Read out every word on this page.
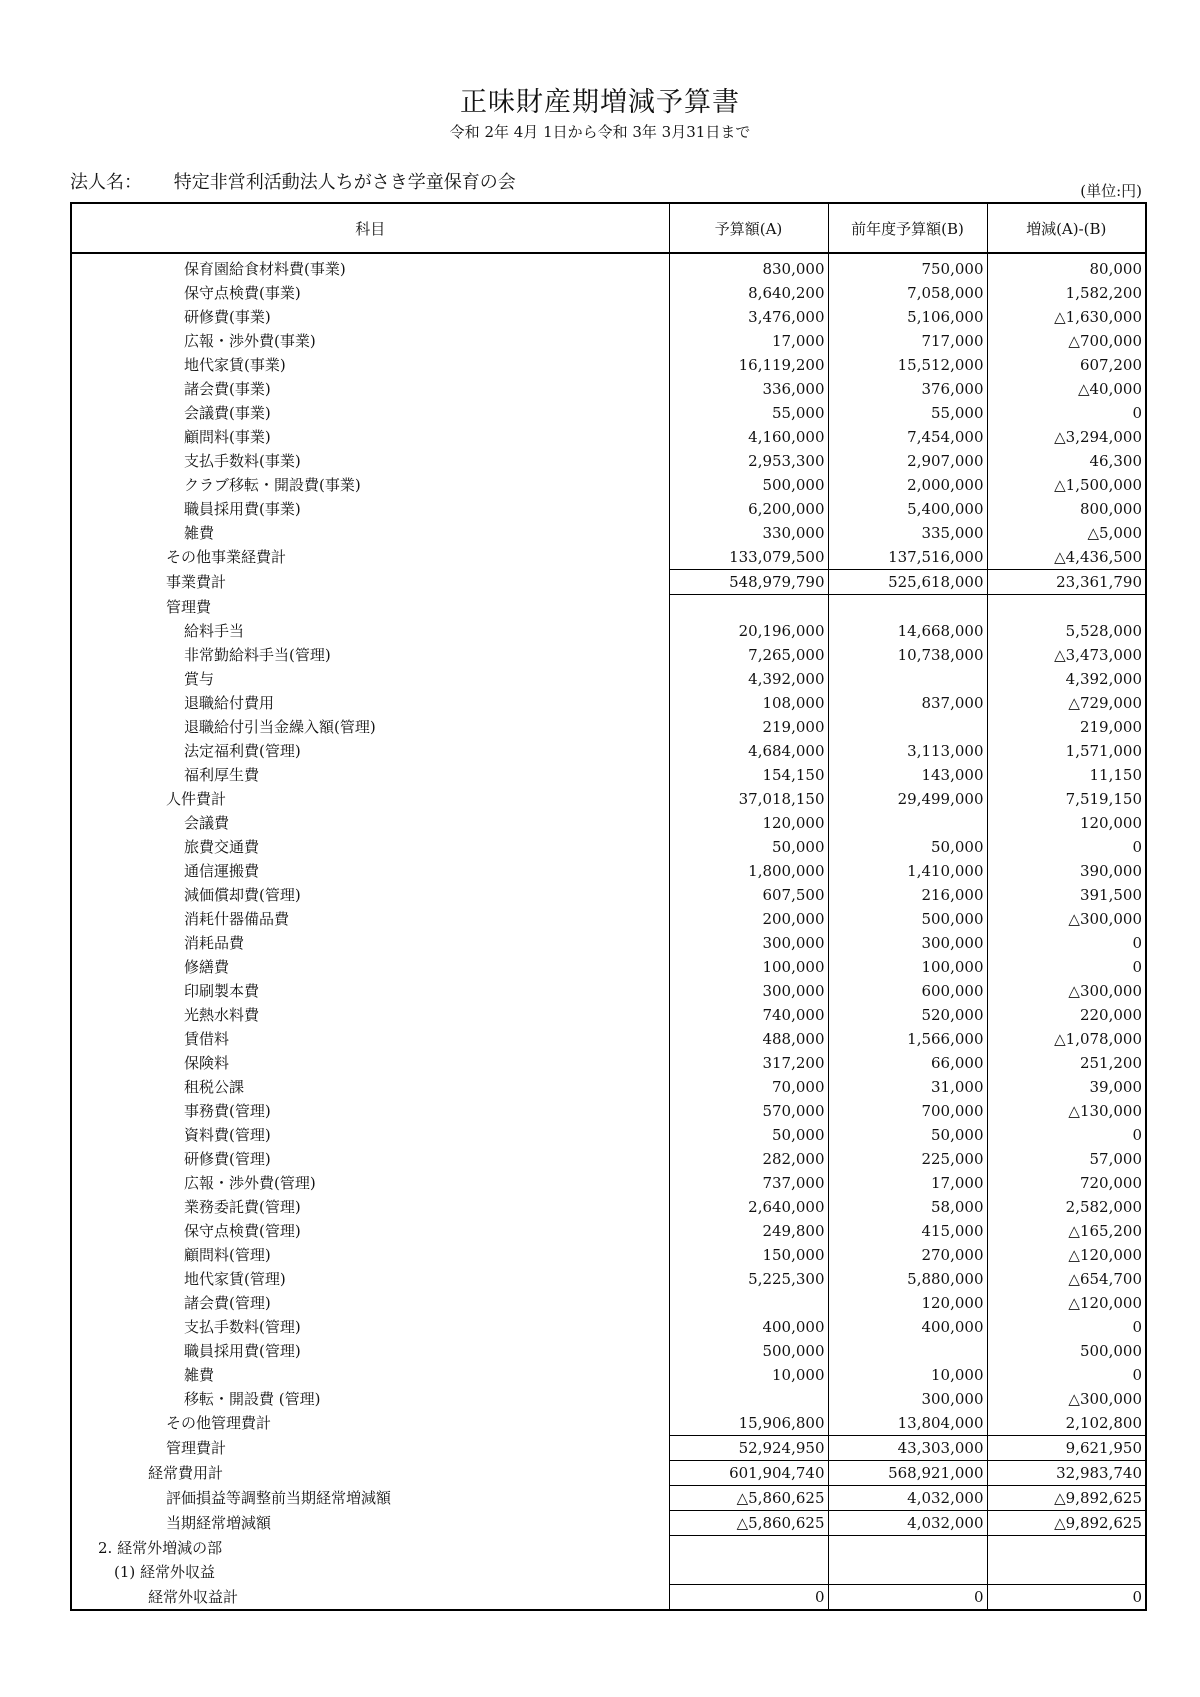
正味財産期増減予算書
令和 2年 4月 1日から令和 3年 3月31日まで
法人名： 特定非営利活動法人ちがさき学童保育の会	(単位:円)
科目	予算額(A)	前年度予算額(B)	増減(A)-(B)
保育園給食材料費(事業)	830,000	750,000	80,000
保守点検費(事業)	8,640,200	7,058,000	1,582,200
研修費(事業)	3,476,000	5,106,000	△1,630,000
広報・渉外費(事業)	17,000	717,000	△700,000
地代家賃(事業)	16,119,200	15,512,000	607,200
諸会費(事業)	336,000	376,000	△40,000
会議費(事業)	55,000	55,000	0
顧問料(事業)	4,160,000	7,454,000	△3,294,000
支払手数料(事業)	2,953,300	2,907,000	46,300
クラブ移転・開設費(事業)	500,000	2,000,000	△1,500,000
職員採用費(事業)	6,200,000	5,400,000	800,000
雑費	330,000	335,000	△5,000
その他事業経費計	133,079,500	137,516,000	△4,436,500
事業費計	548,979,790	525,618,000	23,361,790
管理費			
給料手当	20,196,000	14,668,000	5,528,000
非常勤給料手当(管理)	7,265,000	10,738,000	△3,473,000
賞与	4,392,000		4,392,000
退職給付費用	108,000	837,000	△729,000
退職給付引当金繰入額(管理)	219,000		219,000
法定福利費(管理)	4,684,000	3,113,000	1,571,000
福利厚生費	154,150	143,000	11,150
人件費計	37,018,150	29,499,000	7,519,150
会議費	120,000		120,000
旅費交通費	50,000	50,000	0
通信運搬費	1,800,000	1,410,000	390,000
減価償却費(管理)	607,500	216,000	391,500
消耗什器備品費	200,000	500,000	△300,000
消耗品費	300,000	300,000	0
修繕費	100,000	100,000	0
印刷製本費	300,000	600,000	△300,000
光熱水料費	740,000	520,000	220,000
賃借料	488,000	1,566,000	△1,078,000
保険料	317,200	66,000	251,200
租税公課	70,000	31,000	39,000
事務費(管理)	570,000	700,000	△130,000
資料費(管理)	50,000	50,000	0
研修費(管理)	282,000	225,000	57,000
広報・渉外費(管理)	737,000	17,000	720,000
業務委託費(管理)	2,640,000	58,000	2,582,000
保守点検費(管理)	249,800	415,000	△165,200
顧問料(管理)	150,000	270,000	△120,000
地代家賃(管理)	5,225,300	5,880,000	△654,700
諸会費(管理)		120,000	△120,000
支払手数料(管理)	400,000	400,000	0
職員採用費(管理)	500,000		500,000
雑費	10,000	10,000	0
移転・開設費 (管理)		300,000	△300,000
その他管理費計	15,906,800	13,804,000	2,102,800
管理費計	52,924,950	43,303,000	9,621,950
経常費用計	601,904,740	568,921,000	32,983,740
評価損益等調整前当期経常増減額	△5,860,625	4,032,000	△9,892,625
当期経常増減額	△5,860,625	4,032,000	△9,892,625
2. 経常外増減の部			
(1) 経常外収益			
経常外収益計	0	0	0
